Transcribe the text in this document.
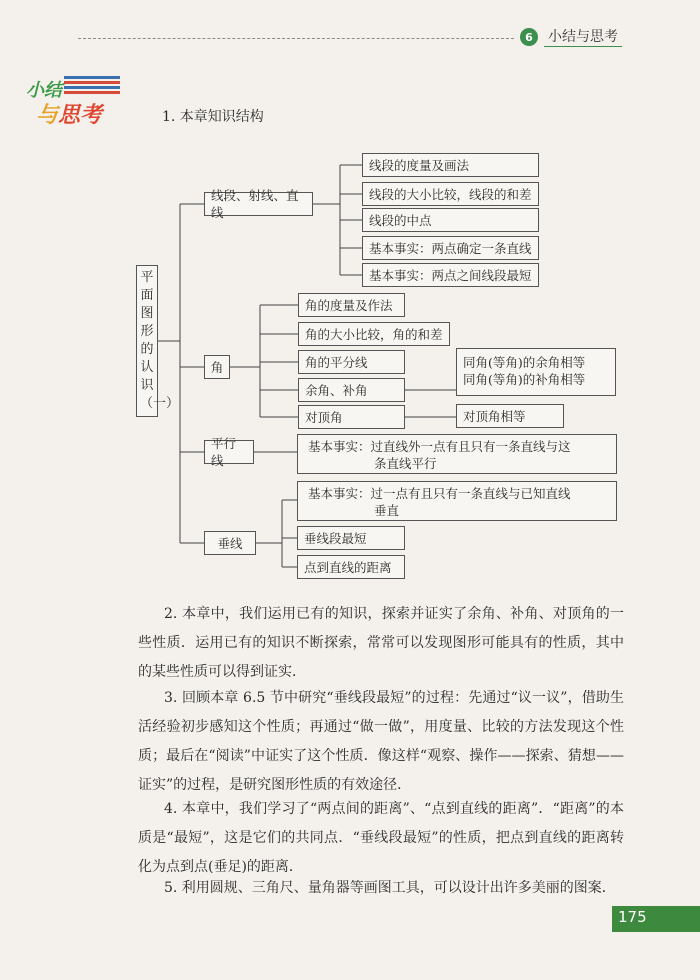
6	小结与思考
小结
与思考	1. 本章知识结构
平面图形的认识（一）
线段、射线、直线
线段的度量及画法
线段的大小比较，线段的和差
线段的中点
基本事实：两点确定一条直线
基本事实：两点之间线段最短
角
角的度量及作法
角的大小比较，角的和差
角的平分线
余角、补角
对顶角
同角(等角)的余角相等
同角(等角)的补角相等
对顶角相等
平行线
基本事实：过直线外一点有且只有一条直线与这
条直线平行
垂线
基本事实：过一点有且只有一条直线与已知直线
垂直
垂线段最短
点到直线的距离
2. 本章中，我们运用已有的知识，探索并证实了余角、补角、对顶角的一些性质．运用已有的知识不断探索，常常可以发现图形可能具有的性质，其中的某些性质可以得到证实．
3. 回顾本章 6.5 节中研究“垂线段最短”的过程：先通过“议一议”，借助生活经验初步感知这个性质；再通过“做一做”，用度量、比较的方法发现这个性质；最后在“阅读”中证实了这个性质．像这样“观察、操作——探索、猜想——证实”的过程，是研究图形性质的有效途径．
4. 本章中，我们学习了“两点间的距离”、“点到直线的距离”．“距离”的本质是“最短”，这是它们的共同点．“垂线段最短”的性质，把点到直线的距离转化为点到点(垂足)的距离．
5. 利用圆规、三角尺、量角器等画图工具，可以设计出许多美丽的图案．
175
